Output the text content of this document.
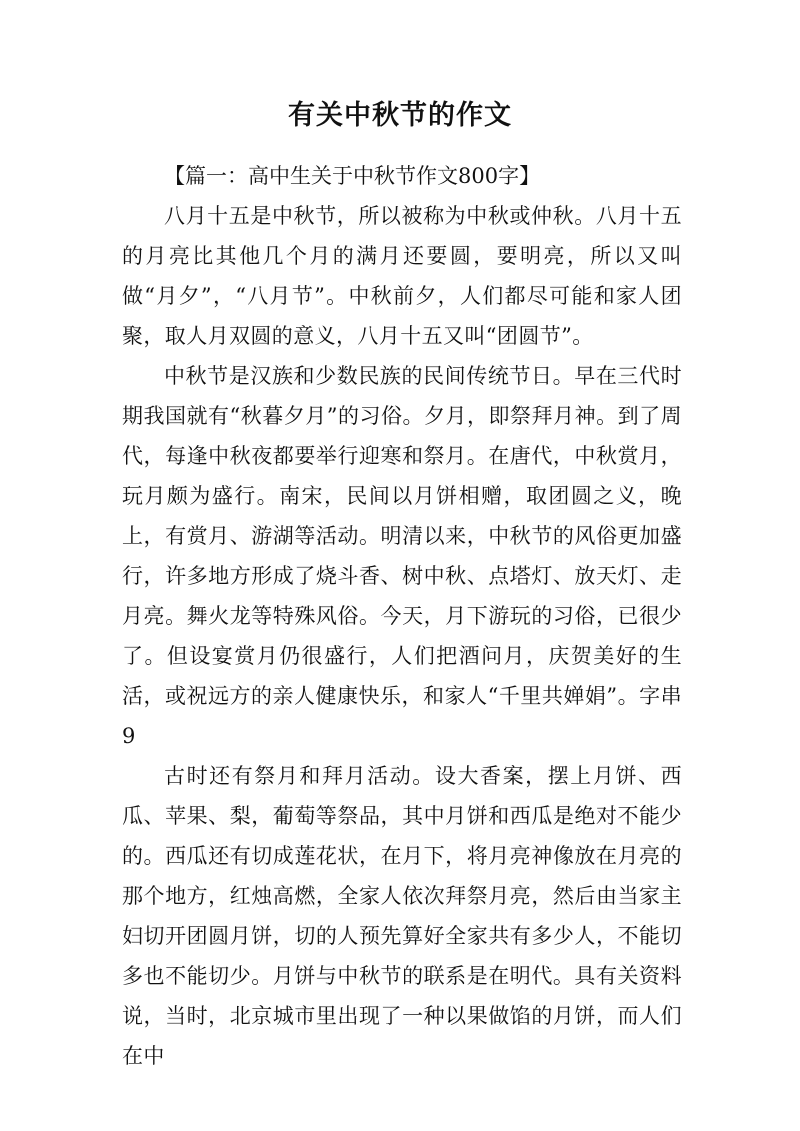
有关中秋节的作文

【篇一：高中生关于中秋节作文800字】

八月十五是中秋节，所以被称为中秋或仲秋。八月十五的月亮比其他几个月的满月还要圆，要明亮，所以又叫做“月夕”，“八月节”。中秋前夕，人们都尽可能和家人团聚，取人月双圆的意义，八月十五又叫“团圆节”。

中秋节是汉族和少数民族的民间传统节日。早在三代时期我国就有“秋暮夕月”的习俗。夕月，即祭拜月神。到了周代，每逢中秋夜都要举行迎寒和祭月。在唐代，中秋赏月，玩月颇为盛行。南宋，民间以月饼相赠，取团圆之义，晚上，有赏月、游湖等活动。明清以来，中秋节的风俗更加盛行，许多地方形成了烧斗香、树中秋、点塔灯、放天灯、走月亮。舞火龙等特殊风俗。今天，月下游玩的习俗，已很少了。但设宴赏月仍很盛行，人们把酒问月，庆贺美好的生活，或祝远方的亲人健康快乐，和家人“千里共婵娟”。字串9

古时还有祭月和拜月活动。设大香案，摆上月饼、西瓜、苹果、梨，葡萄等祭品，其中月饼和西瓜是绝对不能少的。西瓜还有切成莲花状，在月下，将月亮神像放在月亮的那个地方，红烛高燃，全家人依次拜祭月亮，然后由当家主妇切开团圆月饼，切的人预先算好全家共有多少人，不能切多也不能切少。月饼与中秋节的联系是在明代。具有关资料说，当时，北京城市里出现了一种以果做馅的月饼，而人们在中
